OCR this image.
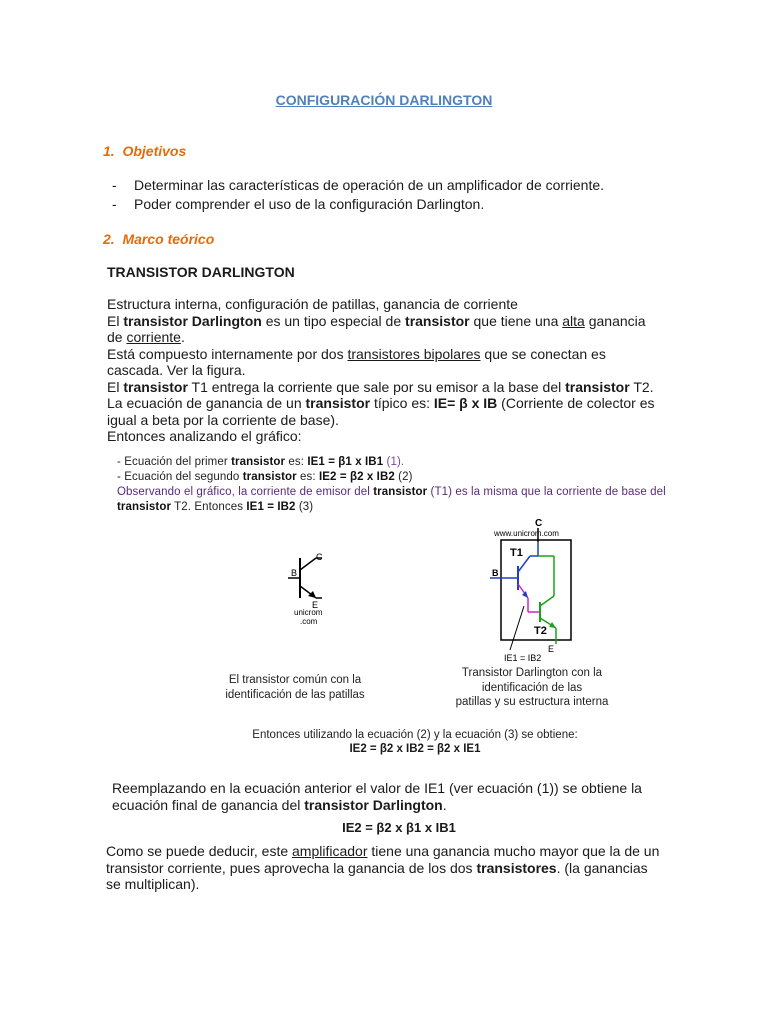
CONFIGURACIÓN DARLINGTON
1. Objetivos
- Determinar las características de operación de un amplificador de corriente.
- Poder comprender el uso de la configuración Darlington.
2. Marco teórico
TRANSISTOR DARLINGTON
Estructura interna, configuración de patillas, ganancia de corriente
El transistor Darlington es un tipo especial de transistor que tiene una alta ganancia
de corriente.
Está compuesto internamente por dos transistores bipolares que se conectan es
cascada. Ver la figura.
El transistor T1 entrega la corriente que sale por su emisor a la base del transistor T2.
La ecuación de ganancia de un transistor típico es: IE= β x IB (Corriente de colector es
igual a beta por la corriente de base).
Entonces analizando el gráfico:
- Ecuación del primer transistor es: IE1 = β1 x IB1 (1).
- Ecuación del segundo transistor es: IE2 = β2 x IB2 (2)
Observando el gráfico, la corriente de emisor del transistor (T1) es la misma que la corriente de base del
transistor T2. Entonces IE1 = IB2 (3)
C
B
E
unicrom
.com
C
www.unicrom.com
T1
T2
B
E
IE1 = IB2
El transistor común con la
identificación de las patillas
Transistor Darlington con la
identificación de las
patillas y su estructura interna
Entonces utilizando la ecuación (2) y la ecuación (3) se obtiene:
IE2 = β2 x IB2 = β2 x IE1
Reemplazando en la ecuación anterior el valor de IE1 (ver ecuación (1)) se obtiene la
ecuación final de ganancia del transistor Darlington.
IE2 = β2 x β1 x IB1
Como se puede deducir, este amplificador tiene una ganancia mucho mayor que la de un
transistor corriente, pues aprovecha la ganancia de los dos transistores. (la ganancias
se multiplican).
